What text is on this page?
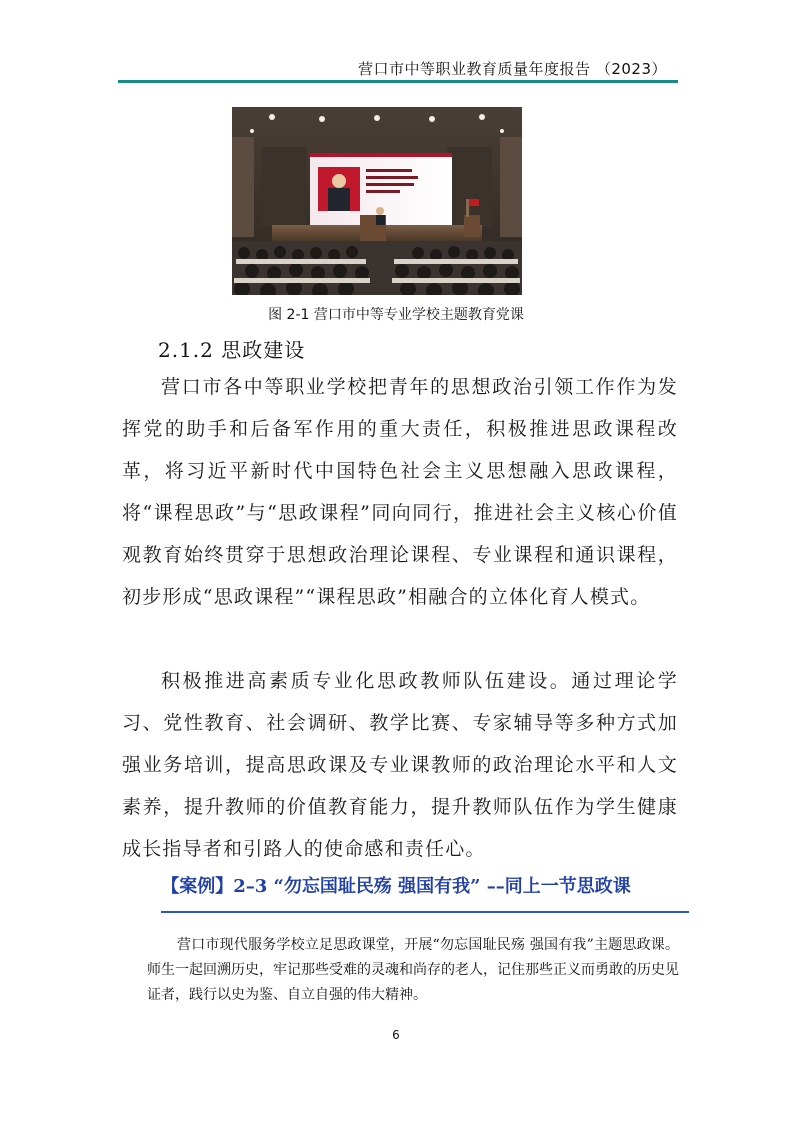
营口市中等职业教育质量年度报告 （2023）
图 2-1 营口市中等专业学校主题教育党课
2.1.2 思政建设

营口市各中等职业学校把青年的思想政治引领工作作为发挥党的助手和后备军作用的重大责任，积极推进思政课程改革，将习近平新时代中国特色社会主义思想融入思政课程，将“课程思政”与“思政课程”同向同行，推进社会主义核心价值观教育始终贯穿于思想政治理论课程、专业课程和通识课程，初步形成“思政课程”“课程思政”相融合的立体化育人模式。

积极推进高素质专业化思政教师队伍建设。通过理论学习、党性教育、社会调研、教学比赛、专家辅导等多种方式加强业务培训，提高思政课及专业课教师的政治理论水平和人文素养，提升教师的价值教育能力，提升教师队伍作为学生健康成长指导者和引路人的使命感和责任心。

【案例】2–3 “勿忘国耻民殇 强国有我” ––同上一节思政课

营口市现代服务学校立足思政课堂，开展“勿忘国耻民殇 强国有我”主题思政课。师生一起回溯历史，牢记那些受难的灵魂和尚存的老人，记住那些正义而勇敢的历史见证者，践行以史为鉴、自立自强的伟大精神。

6
